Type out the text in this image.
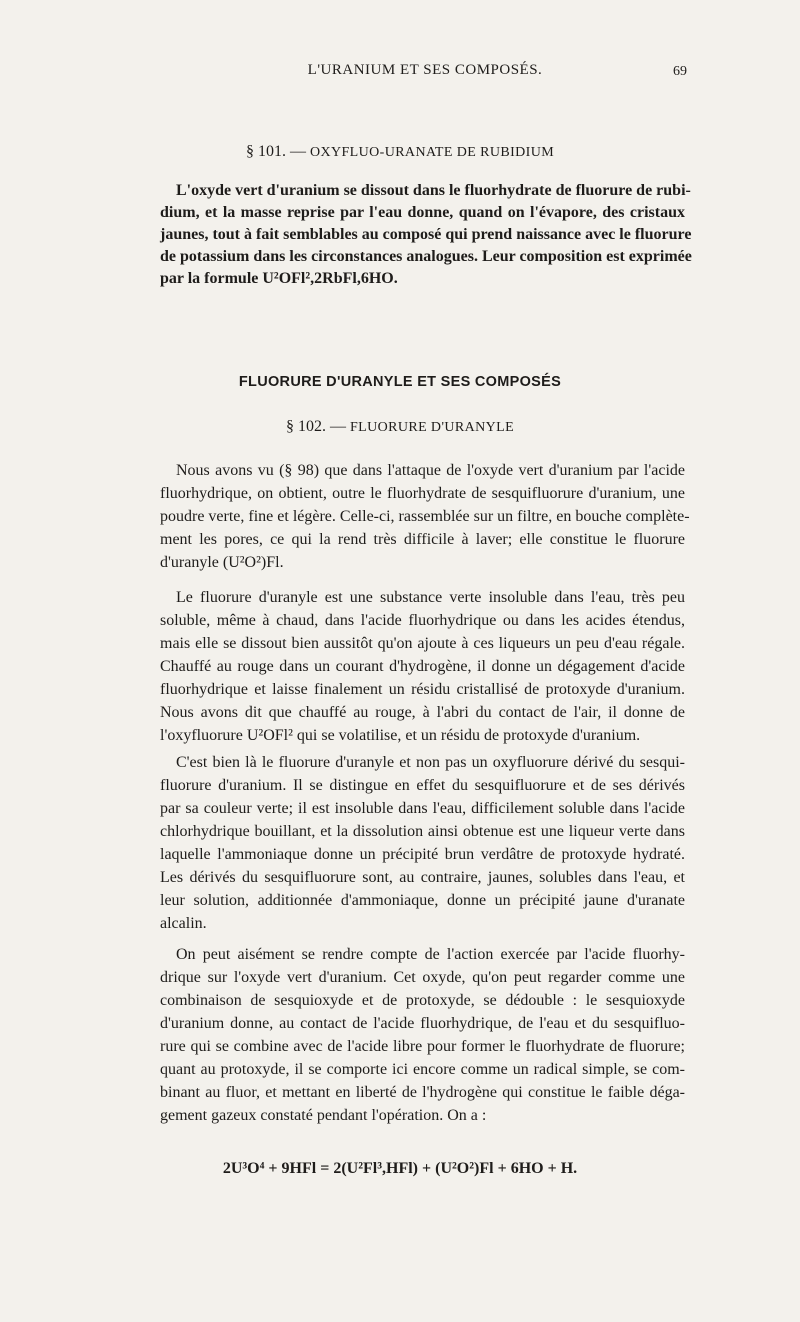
L'URANIUM ET SES COMPOSÉS.	69
§ 101. — OXYFLUO-URANATE DE RUBIDIUM
L'oxyde vert d'uranium se dissout dans le fluorhydrate de fluorure de rubi-
dium, et la masse reprise par l'eau donne, quand on l'évapore, des cristaux
jaunes, tout à fait semblables au composé qui prend naissance avec le fluorure
de potassium dans les circonstances analogues. Leur composition est exprimée
par la formule U²OFl²,2RbFl,6HO.
FLUORURE D'URANYLE ET SES COMPOSÉS
§ 102. — FLUORURE D'URANYLE
Nous avons vu (§ 98) que dans l'attaque de l'oxyde vert d'uranium par l'acide
fluorhydrique, on obtient, outre le fluorhydrate de sesquifluorure d'uranium, une
poudre verte, fine et légère. Celle-ci, rassemblée sur un filtre, en bouche complète-
ment les pores, ce qui la rend très difficile à laver; elle constitue le fluorure
d'uranyle (U²O²)Fl.
Le fluorure d'uranyle est une substance verte insoluble dans l'eau, très peu
soluble, même à chaud, dans l'acide fluorhydrique ou dans les acides étendus,
mais elle se dissout bien aussitôt qu'on ajoute à ces liqueurs un peu d'eau régale.
Chauffé au rouge dans un courant d'hydrogène, il donne un dégagement d'acide
fluorhydrique et laisse finalement un résidu cristallisé de protoxyde d'uranium.
Nous avons dit que chauffé au rouge, à l'abri du contact de l'air, il donne de
l'oxyfluorure U²OFl² qui se volatilise, et un résidu de protoxyde d'uranium.
C'est bien là le fluorure d'uranyle et non pas un oxyfluorure dérivé du sesqui-
fluorure d'uranium. Il se distingue en effet du sesquifluorure et de ses dérivés
par sa couleur verte; il est insoluble dans l'eau, difficilement soluble dans l'acide
chlorhydrique bouillant, et la dissolution ainsi obtenue est une liqueur verte dans
laquelle l'ammoniaque donne un précipité brun verdâtre de protoxyde hydraté.
Les dérivés du sesquifluorure sont, au contraire, jaunes, solubles dans l'eau, et
leur solution, additionnée d'ammoniaque, donne un précipité jaune d'uranate
alcalin.
On peut aisément se rendre compte de l'action exercée par l'acide fluorhy-
drique sur l'oxyde vert d'uranium. Cet oxyde, qu'on peut regarder comme une
combinaison de sesquioxyde et de protoxyde, se dédouble : le sesquioxyde
d'uranium donne, au contact de l'acide fluorhydrique, de l'eau et du sesquifluo-
rure qui se combine avec de l'acide libre pour former le fluorhydrate de fluorure;
quant au protoxyde, il se comporte ici encore comme un radical simple, se com-
binant au fluor, et mettant en liberté de l'hydrogène qui constitue le faible déga-
gement gazeux constaté pendant l'opération. On a :
2U³O⁴ + 9HFl = 2(U²Fl³,HFl) + (U²O²)Fl + 6HO + H.
